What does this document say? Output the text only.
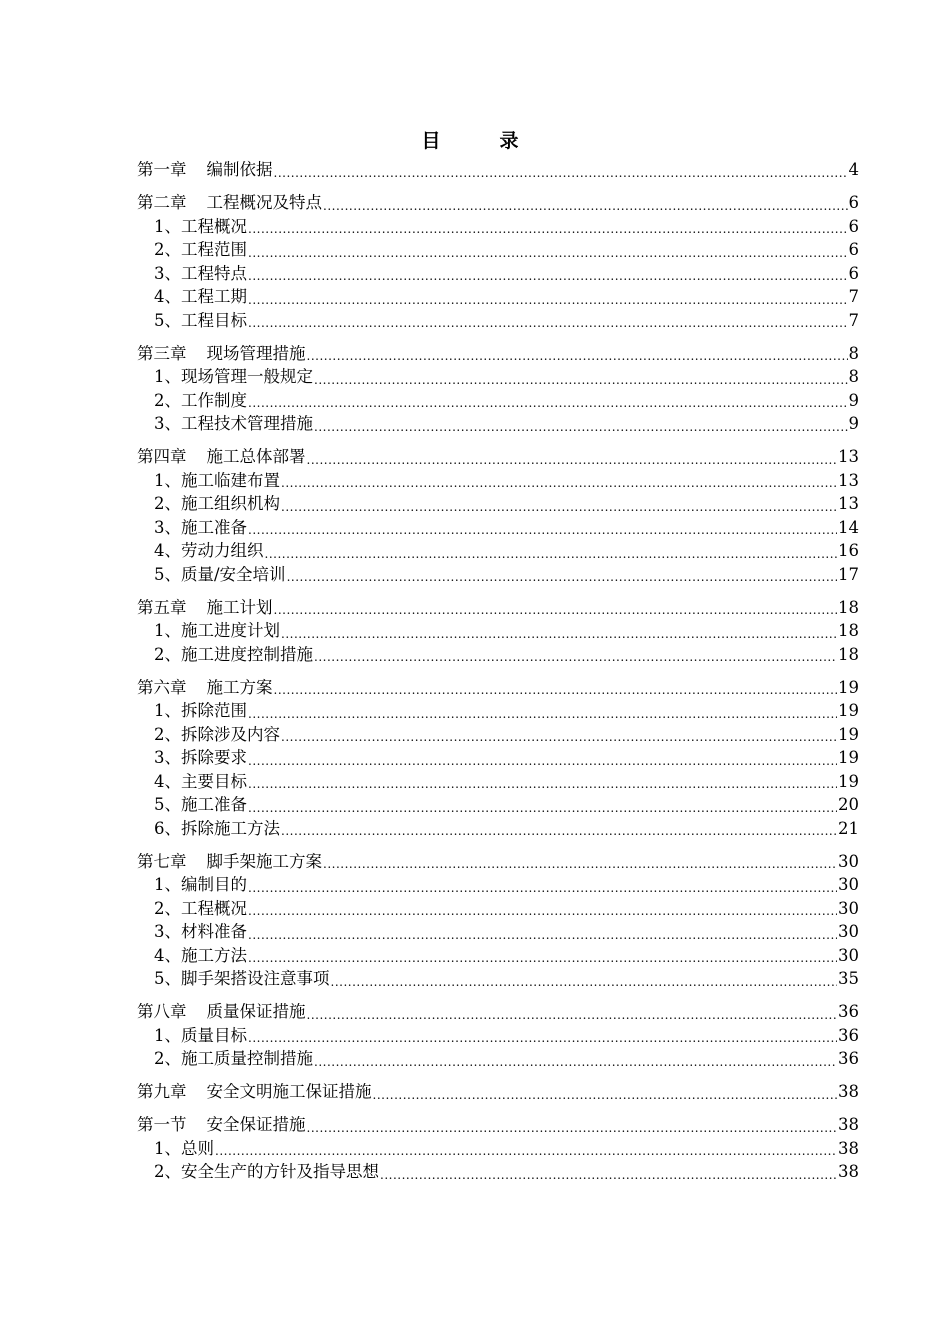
目　录
第一章 编制依据 .....	4
第二章 工程概况及特点 .....	6
1、工程概况 .....	6
2、工程范围 .....	6
3、工程特点 .....	6
4、工程工期 .....	7
5、工程目标 .....	7
第三章 现场管理措施 .....	8
1、现场管理一般规定 .....	8
2、工作制度 .....	9
3、工程技术管理措施 .....	9
第四章 施工总体部署 .....	13
1、施工临建布置 .....	13
2、施工组织机构 .....	13
3、施工准备 .....	14
4、劳动力组织 .....	16
5、质量/安全培训 .....	17
第五章 施工计划 .....	18
1、施工进度计划 .....	18
2、施工进度控制措施 .....	18
第六章 施工方案 .....	19
1、拆除范围 .....	19
2、拆除涉及内容 .....	19
3、拆除要求 .....	19
4、主要目标 .....	19
5、施工准备 .....	20
6、拆除施工方法 .....	21
第七章 脚手架施工方案 .....	30
1、编制目的 .....	30
2、工程概况 .....	30
3、材料准备 .....	30
4、施工方法 .....	30
5、脚手架搭设注意事项 .....	35
第八章 质量保证措施 .....	36
1、质量目标 .....	36
2、施工质量控制措施 .....	36
第九章 安全文明施工保证措施 .....	38
第一节 安全保证措施 .....	38
1、总则 .....	38
2、安全生产的方针及指导思想 .....	38
